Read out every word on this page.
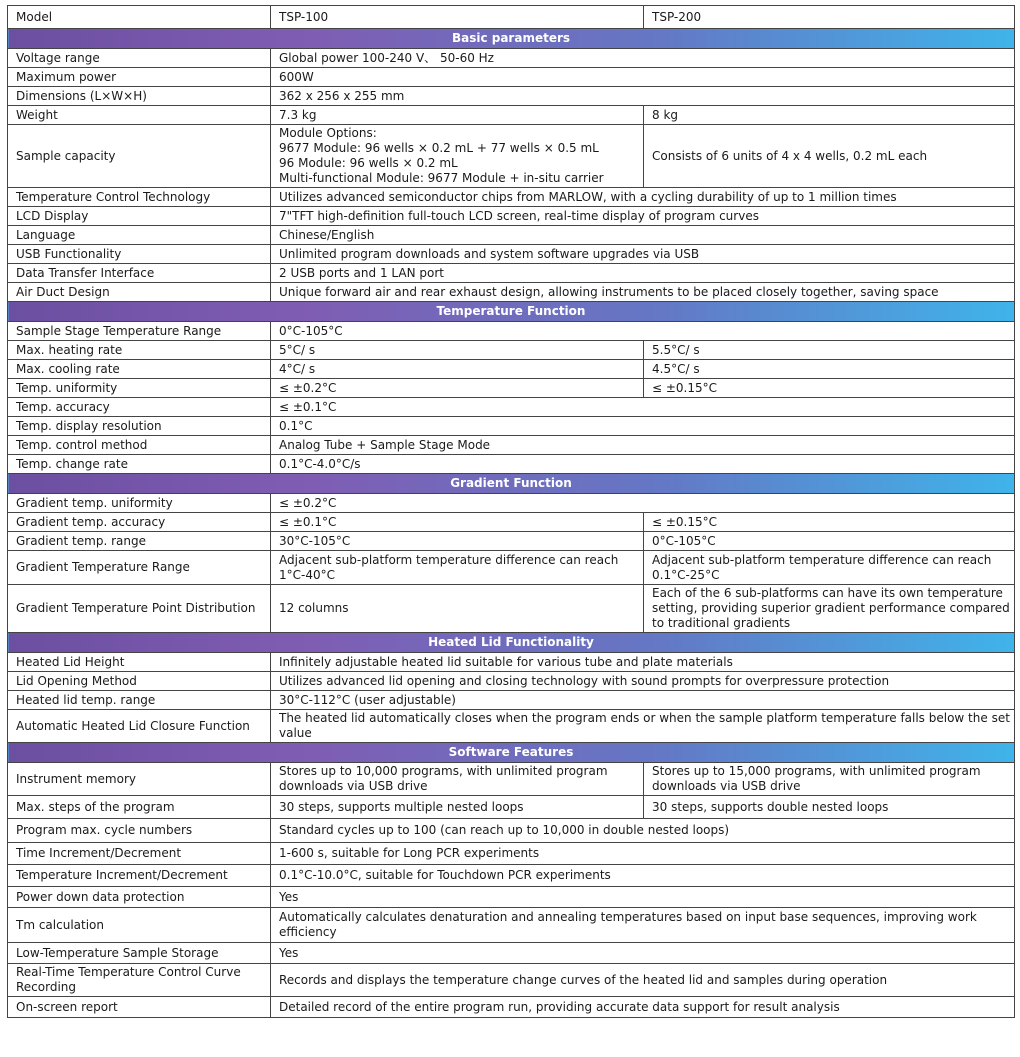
Model	TSP-100	TSP-200
Basic parameters		
Voltage range	Global power 100-240 V、 50-60 Hz	
Maximum power	600W	
Dimensions (L×W×H)	362 x 256 x 255 mm	
Weight	7.3 kg	8 kg
Sample capacity	Module Options:
9677 Module: 96 wells × 0.2 mL + 77 wells × 0.5 mL
96 Module: 96 wells × 0.2 mL
Multi-functional Module: 9677 Module + in-situ carrier	Consists of 6 units of 4 x 4 wells, 0.2 mL each
Temperature Control Technology	Utilizes advanced semiconductor chips from MARLOW, with a cycling durability of up to 1 million times	
LCD Display	7"TFT high-definition full-touch LCD screen, real-time display of program curves	
Language	Chinese/English	
USB Functionality	Unlimited program downloads and system software upgrades via USB	
Data Transfer Interface	2 USB ports and 1 LAN port	
Air Duct Design	Unique forward air and rear exhaust design, allowing instruments to be placed closely together, saving space	
Temperature Function		
Sample Stage Temperature Range	0°C-105°C	
Max. heating rate	5°C/ s	5.5°C/ s
Max. cooling rate	4°C/ s	4.5°C/ s
Temp. uniformity	≤ ±0.2°C	≤ ±0.15°C
Temp. accuracy	≤ ±0.1°C	
Temp. display resolution	0.1°C	
Temp. control method	Analog Tube + Sample Stage Mode	
Temp. change rate	0.1°C-4.0°C/s	
Gradient Function		
Gradient temp. uniformity	≤ ±0.2°C	
Gradient temp. accuracy	≤ ±0.1°C	≤ ±0.15°C
Gradient temp. range	30°C-105°C	0°C-105°C
Gradient Temperature Range	Adjacent sub-platform temperature difference can reach 1°C-40°C	Adjacent sub-platform temperature difference can reach 0.1°C-25°C
Gradient Temperature Point Distribution	12 columns	Each of the 6 sub-platforms can have its own temperature setting, providing superior gradient performance compared to traditional gradients
Heated Lid Functionality		
Heated Lid Height	Infinitely adjustable heated lid suitable for various tube and plate materials	
Lid Opening Method	Utilizes advanced lid opening and closing technology with sound prompts for overpressure protection	
Heated lid temp. range	30°C-112°C (user adjustable)	
Automatic Heated Lid Closure Function	The heated lid automatically closes when the program ends or when the sample platform temperature falls below the set value	
Software Features		
Instrument memory	Stores up to 10,000 programs, with unlimited program downloads via USB drive	Stores up to 15,000 programs, with unlimited program downloads via USB drive
Max. steps of the program	30 steps, supports multiple nested loops	30 steps, supports double nested loops
Program max. cycle numbers	Standard cycles up to 100 (can reach up to 10,000 in double nested loops)	
Time Increment/Decrement	1-600 s, suitable for Long PCR experiments	
Temperature Increment/Decrement	0.1°C-10.0°C, suitable for Touchdown PCR experiments	
Power down data protection	Yes	
Tm calculation	Automatically calculates denaturation and annealing temperatures based on input base sequences, improving work efficiency	
Low-Temperature Sample Storage	Yes	
Real-Time Temperature Control Curve Recording	Records and displays the temperature change curves of the heated lid and samples during operation	
On-screen report	Detailed record of the entire program run, providing accurate data support for result analysis	
